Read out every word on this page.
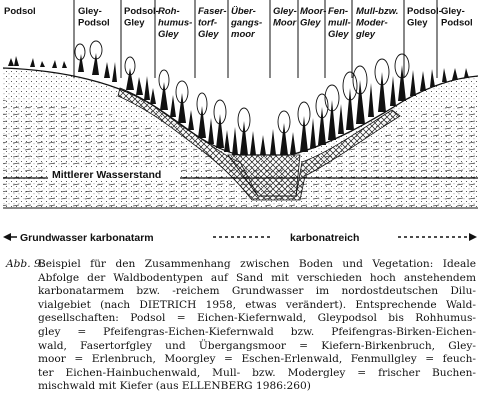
Podsol	Gley-Podsol
Podsol-Gley
Roh-humus-Gley
Faser-torf-Gley
Über-gangs-moor
Gley-Moor
Moor-Gley
Fen-mull-Gley
Mull-bzw. Moder-gley
Podsol-Gley
Gley-Podsol
Mittlerer Wasserstand
Grundwasser karbonatarm	karbonatreich
Abb. 9:
Beispiel für den Zusammenhang zwischen Boden und Vegetation: Ideale
Abfolge der Waldbodentypen auf Sand mit verschieden hoch anstehendem
karbonatarmem bzw. -reichem Grundwasser im nordostdeutschen Dilu-
vialgebiet (nach DIETRICH 1958, etwas verändert). Entsprechende Wald-
gesellschaften: Podsol = Eichen-Kiefernwald, Gleypodsol bis Rohhumus-
gley = Pfeifengras-Eichen-Kiefernwald bzw. Pfeifengras-Birken-Eichen-
wald, Fasertorfgley und Übergangsmoor = Kiefern-Birkenbruch, Gley-
moor = Erlenbruch, Moorgley = Eschen-Erlenwald, Fenmullgley = feuch-
ter Eichen-Hainbuchenwald, Mull- bzw. Modergley = frischer Buchen-
mischwald mit Kiefer (aus ELLENBERG 1986:260)
